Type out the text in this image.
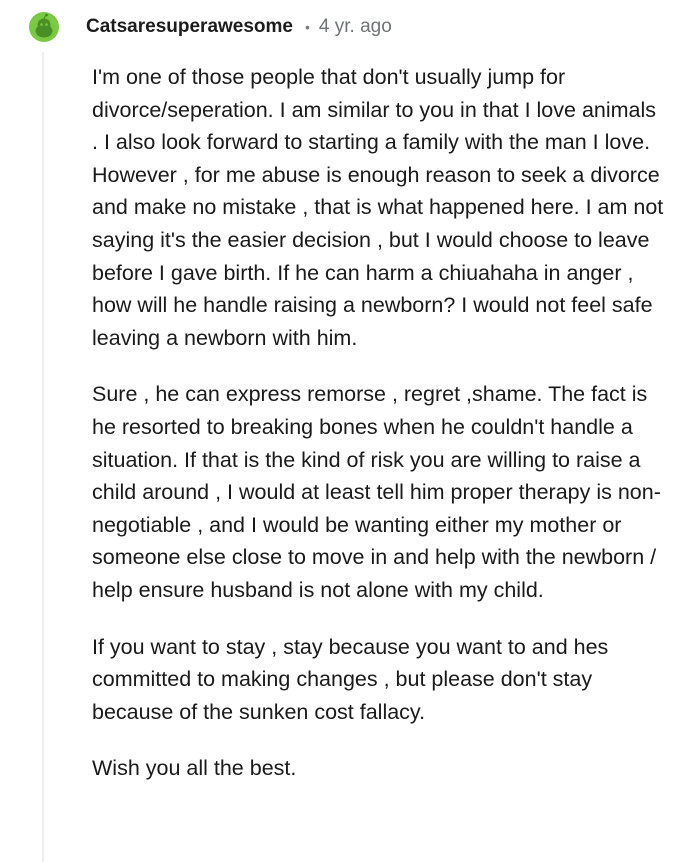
Catsaresuperawesome • 4 yr. ago

I'm one of those people that don't usually jump for divorce/seperation. I am similar to you in that I love animals . I also look forward to starting a family with the man I love. However , for me abuse is enough reason to seek a divorce and make no mistake , that is what happened here. I am not saying it's the easier decision , but I would choose to leave before I gave birth. If he can harm a chiuahaha in anger , how will he handle raising a newborn? I would not feel safe leaving a newborn with him.

Sure , he can express remorse , regret ,shame. The fact is he resorted to breaking bones when he couldn't handle a situation. If that is the kind of risk you are willing to raise a child around , I would at least tell him proper therapy is non-negotiable , and I would be wanting either my mother or someone else close to move in and help with the newborn / help ensure husband is not alone with my child.

If you want to stay , stay because you want to and hes committed to making changes , but please don't stay because of the sunken cost fallacy.

Wish you all the best.
